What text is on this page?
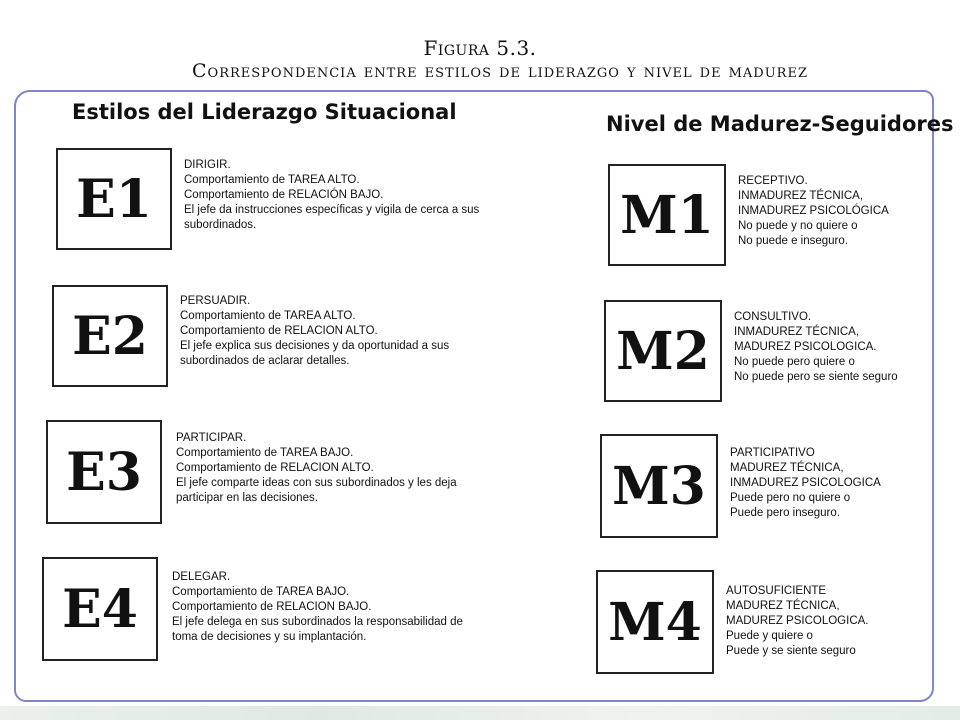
Figura 5.3.
Correspondencia entre estilos de liderazgo y nivel de madurez
Estilos del Liderazgo Situacional	Nivel de Madurez-Seguidores
E1
DIRIGIR.
Comportamiento de TAREA ALTO.
Comportamiento de RELACIÓN BAJO.
El jefe da instrucciones específicas y vigila de cerca a sus
subordinados.
E2
PERSUADIR.
Comportamiento de TAREA ALTO.
Comportamiento de RELACION ALTO.
El jefe explica sus decisiones y da oportunidad a sus
subordinados de aclarar detalles.
E3
PARTICIPAR.
Comportamiento de TAREA BAJO.
Comportamiento de RELACION ALTO.
El jefe comparte ideas con sus subordinados y les deja
participar en las decisiones.
E4
DELEGAR.
Comportamiento de TAREA BAJO.
Comportamiento de RELACION BAJO.
El jefe delega en sus subordinados la responsabilidad de
toma de decisiones y su implantación.
M1
RECEPTIVO.
INMADUREZ TÉCNICA,
INMADUREZ PSICOLÓGICA
No puede y no quiere o
No puede e inseguro.
M2
CONSULTIVO.
INMADUREZ TÉCNICA,
MADUREZ PSICOLOGICA.
No puede pero quiere o
No puede pero se siente seguro
M3
PARTICIPATIVO
MADUREZ TÉCNICA,
INMADUREZ PSICOLOGICA
Puede pero no quiere o
Puede pero inseguro.
M4
AUTOSUFICIENTE
MADUREZ TÉCNICA,
MADUREZ PSICOLOGICA.
Puede y quiere o
Puede y se siente seguro
